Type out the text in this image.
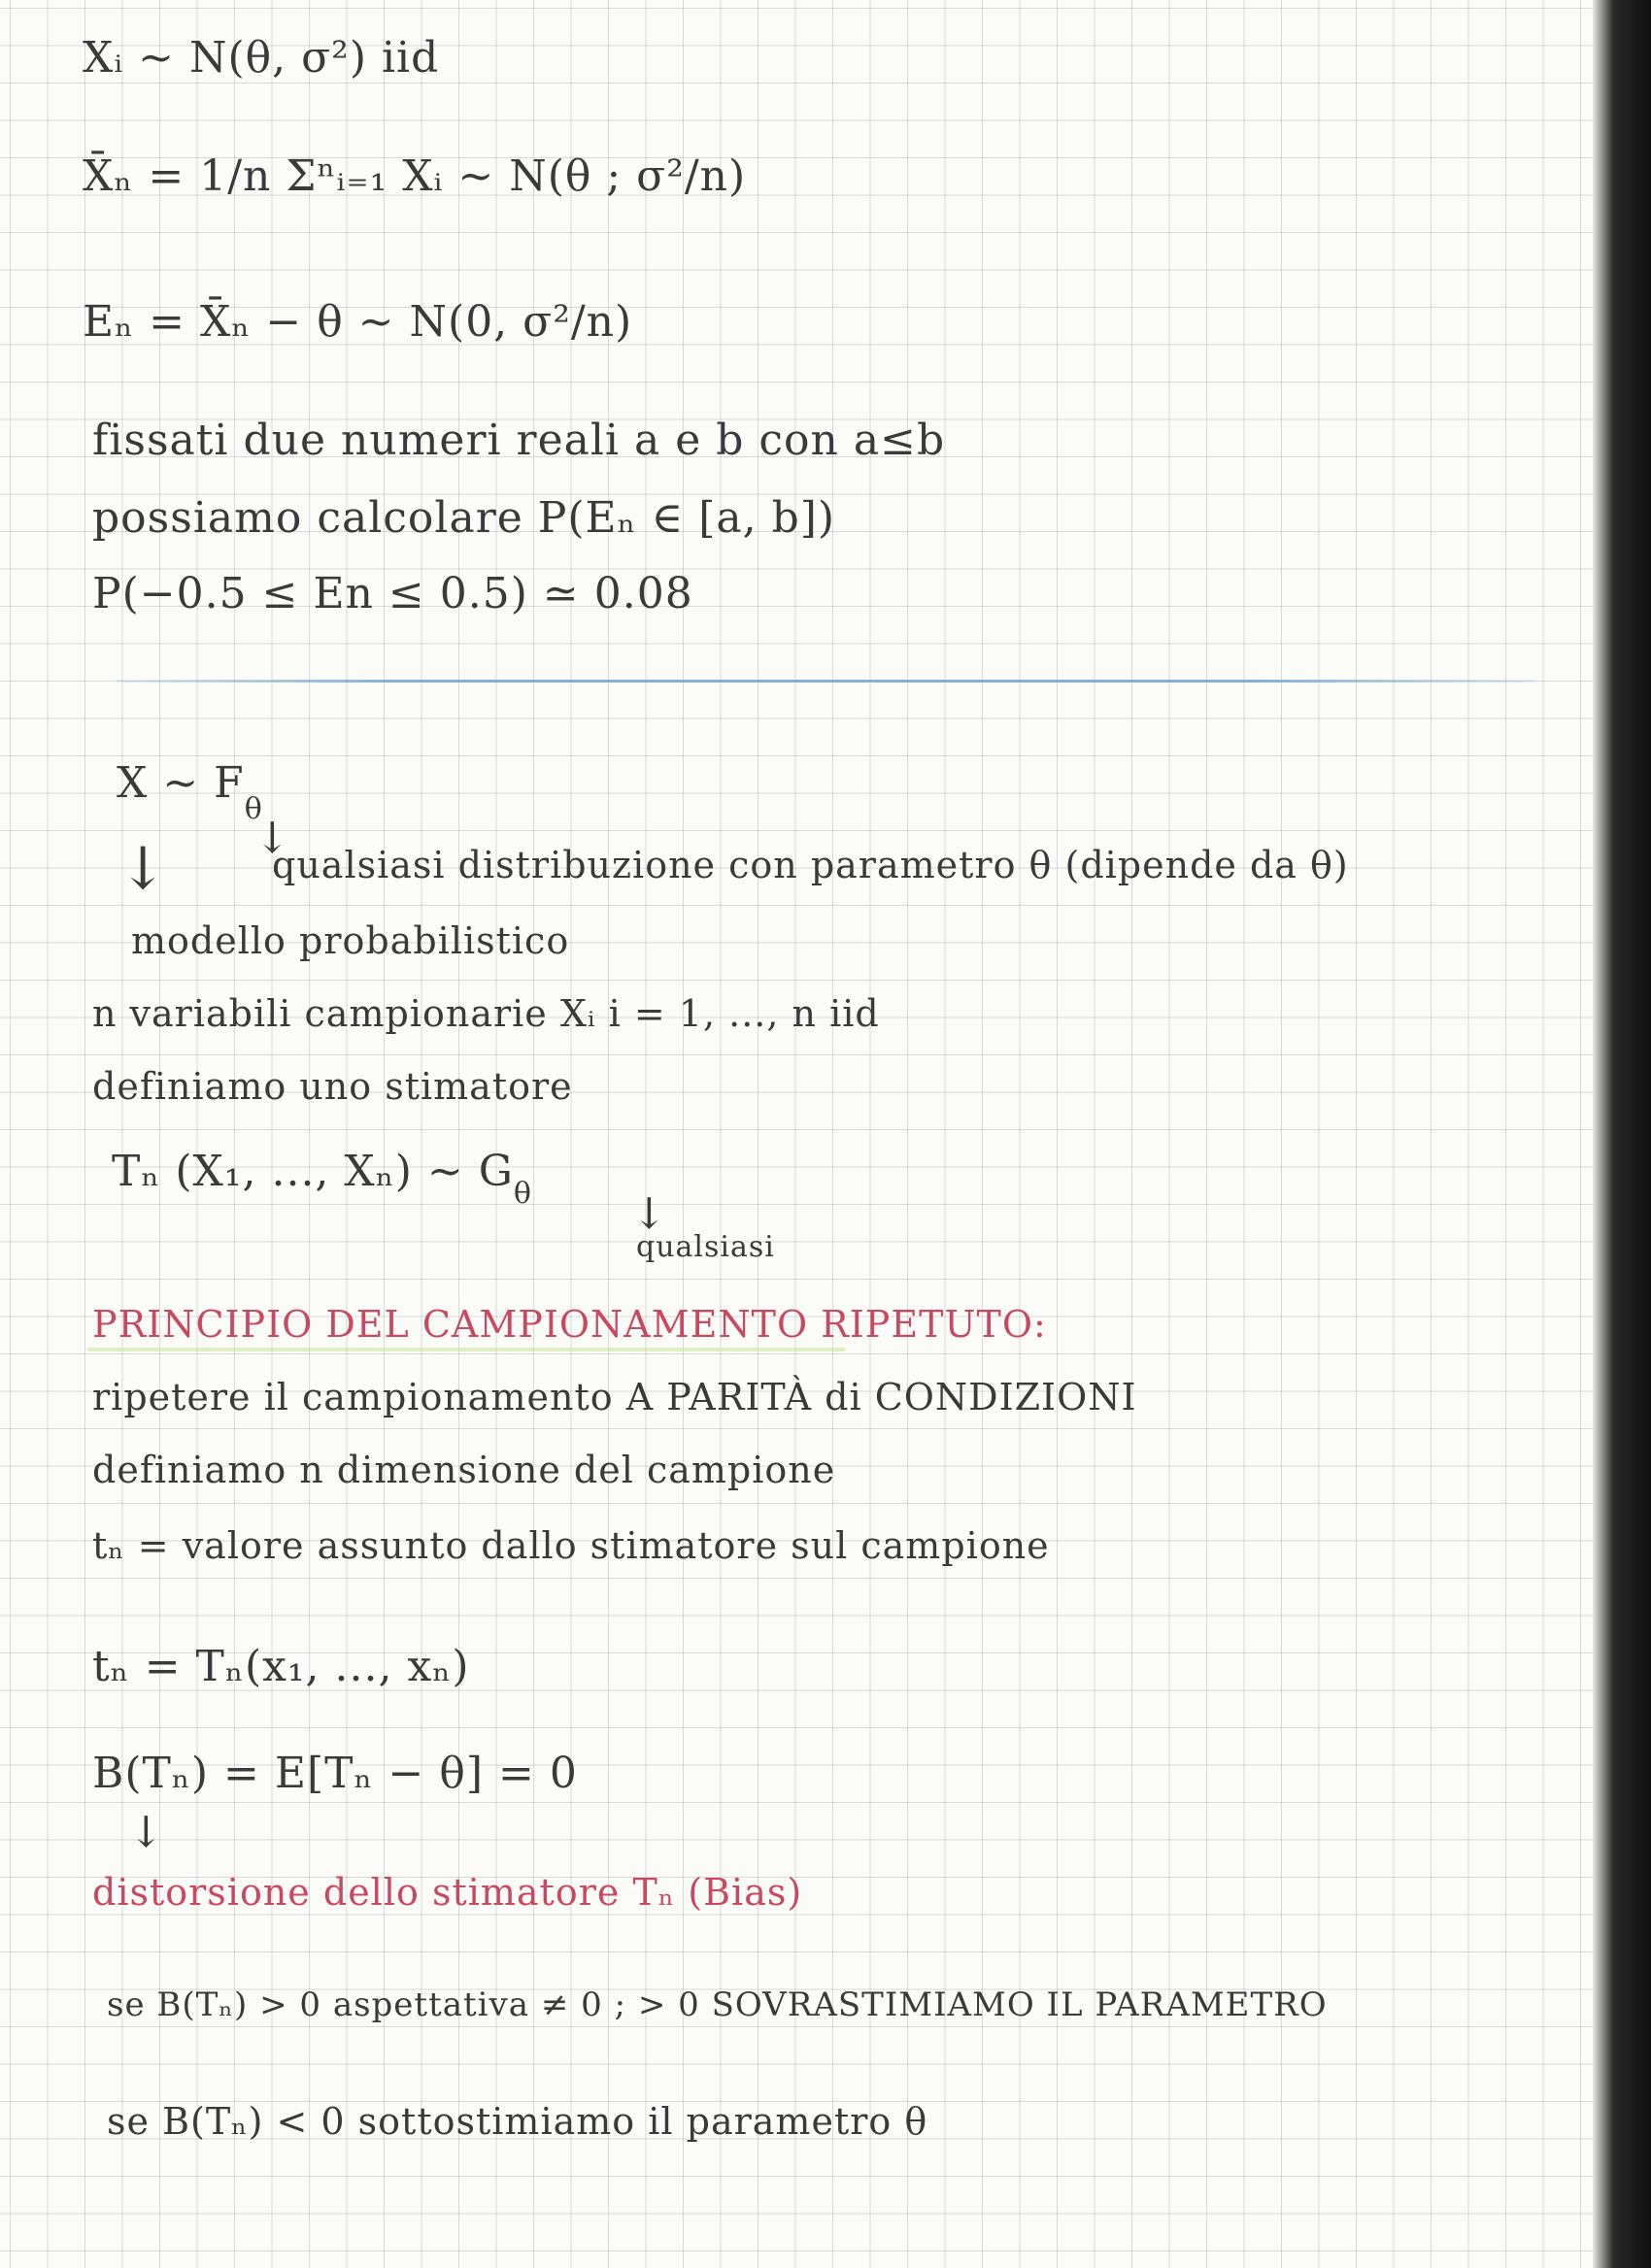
Xᵢ ~ N(θ, σ²) iid
X̄ₙ = 1/n Σⁿᵢ₌₁ Xᵢ ~ N(θ ; σ²/n)
Eₙ = X̄ₙ − θ ~ N(0, σ²/n)
fissati due numeri reali a e b con a≤b
possiamo calcolare P(Eₙ ∈ [a, b])
P(−0.5 ≤ En ≤ 0.5) ≃ 0.08
X ~ $F_\theta$
↓
qualsiasi distribuzione con parametro θ (dipende da θ)
↓
modello probabilistico
n variabili campionarie Xᵢ i = 1, ..., n iid
definiamo uno stimatore
Tₙ (X₁, ..., Xₙ) ~ $G_\theta$ ↓
qualsiasi
PRINCIPIO DEL CAMPIONAMENTO RIPETUTO:
ripetere il campionamento A PARITÀ di CONDIZIONI
definiamo n dimensione del campione
tₙ = valore assunto dallo stimatore sul campione
tₙ = Tₙ(x₁, ..., xₙ)
B(Tₙ) = E[Tₙ − θ] = 0
↓
distorsione dello stimatore Tₙ (Bias)
se B(Tₙ) > 0 aspettativa ≠ 0 ; > 0 SOVRASTIMIAMO IL PARAMETRO
se B(Tₙ) < 0 sottostimiamo il parametro θ
